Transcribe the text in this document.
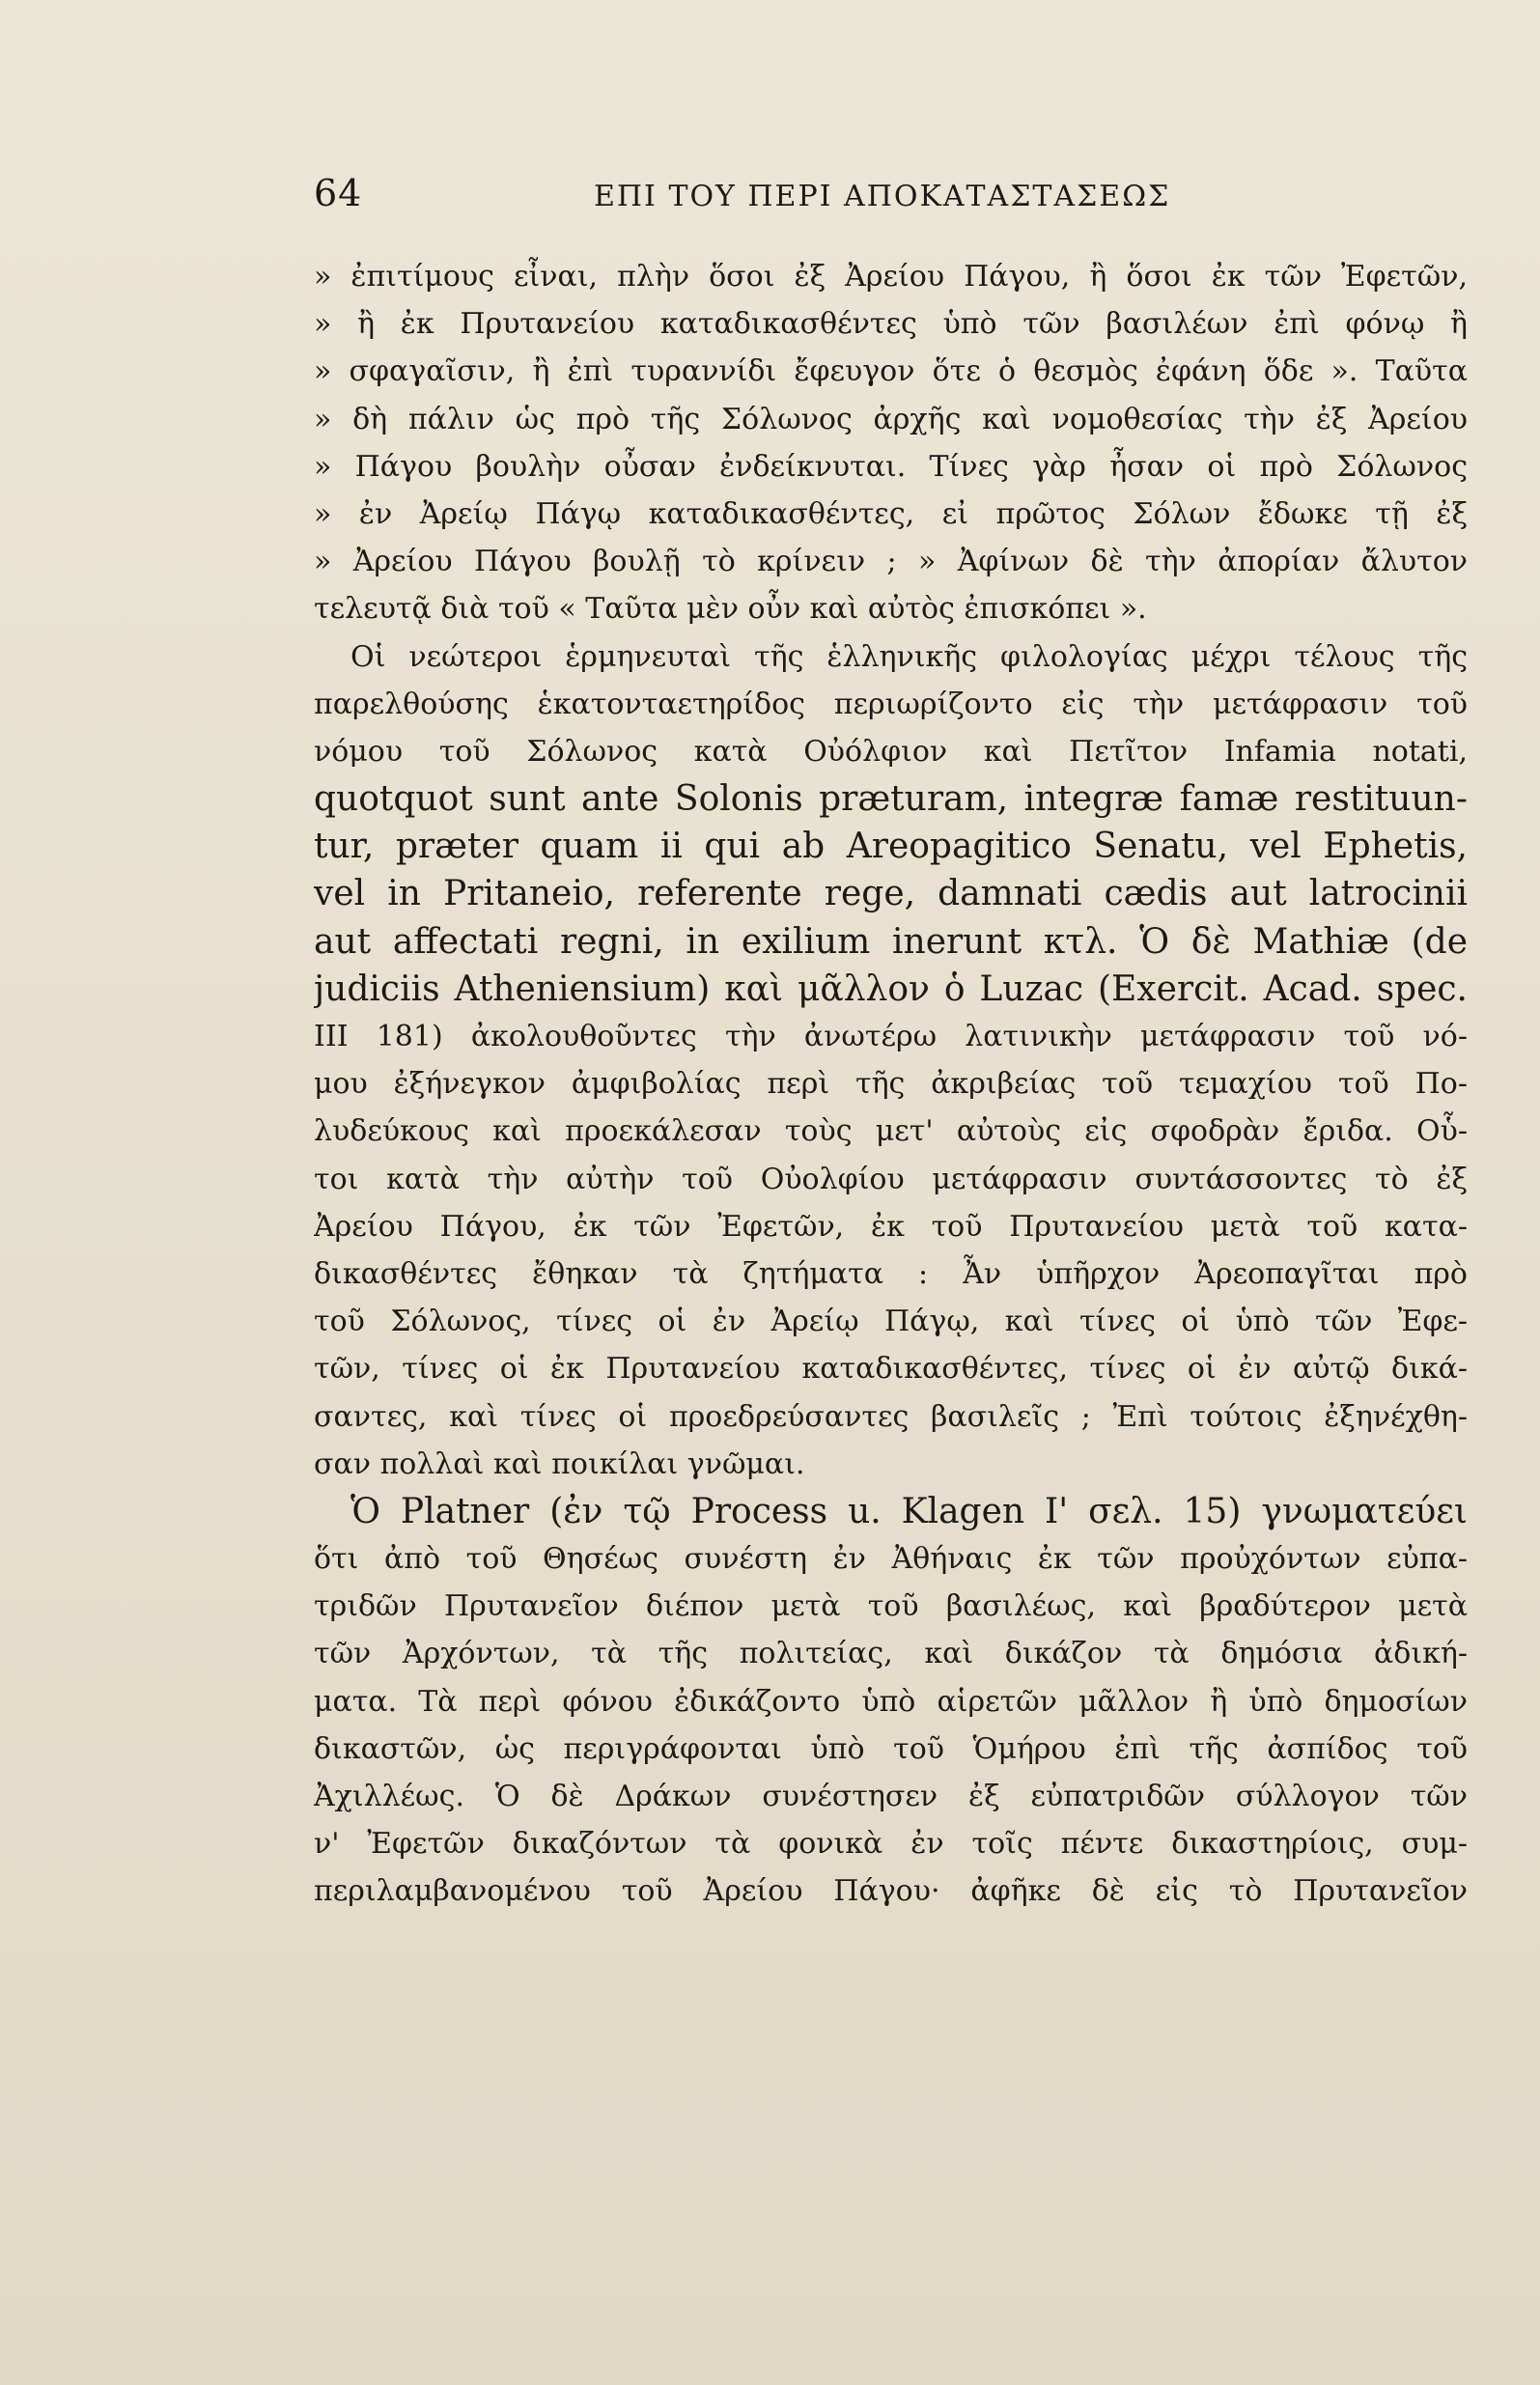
64	ΕΠΙ ΤΟΥ ΠΕΡΙ ΑΠΟΚΑΤΑΣΤΑΣΕΩΣ
» ἐπιτίμους εἶναι, πλὴν ὅσοι ἐξ Ἀρείου Πάγου, ἢ ὅσοι ἐκ τῶν Ἐφετῶν,
» ἢ ἐκ Πρυτανείου καταδικασθέντες ὑπὸ τῶν βασιλέων ἐπὶ φόνῳ ἢ
» σφαγαῖσιν, ἢ ἐπὶ τυραννίδι ἔφευγον ὅτε ὁ θεσμὸς ἐφάνη ὅδε ». Ταῦτα
» δὴ πάλιν ὡς πρὸ τῆς Σόλωνος ἀρχῆς καὶ νομοθεσίας τὴν ἐξ Ἀρείου
» Πάγου βουλὴν οὖσαν ἐνδείκνυται. Τίνες γὰρ ἦσαν οἱ πρὸ Σόλωνος
» ἐν Ἀρείῳ Πάγῳ καταδικασθέντες, εἰ πρῶτος Σόλων ἔδωκε τῇ ἐξ
» Ἀρείου Πάγου βουλῇ τὸ κρίνειν ; » Ἀφίνων δὲ τὴν ἀπορίαν ἄλυτον
τελευτᾷ διὰ τοῦ « Ταῦτα μὲν οὖν καὶ αὐτὸς ἐπισκόπει ».
Οἱ νεώτεροι ἑρμηνευταὶ τῆς ἑλληνικῆς φιλολογίας μέχρι τέλους τῆς
παρελθούσης ἑκατονταετηρίδος περιωρίζοντο εἰς τὴν μετάφρασιν τοῦ
νόμου τοῦ Σόλωνος κατὰ Οὐόλφιον καὶ Πετῖτον Infamia notati,
quotquot sunt ante Solonis præturam, integræ famæ restituun-
tur, præter quam ii qui ab Areopagitico Senatu, vel Ephetis,
vel in Pritaneio, referente rege, damnati cædis aut latrocinii
aut affectati regni, in exilium inerunt κτλ. Ὁ δὲ Mathiæ (de
judiciis Atheniensium) καὶ μᾶλλον ὁ Luzac (Exercit. Acad. spec.
III 181) ἀκολουθοῦντες τὴν ἀνωτέρω λατινικὴν μετάφρασιν τοῦ νό-
μου ἐξήνεγκον ἀμφιβολίας περὶ τῆς ἀκριβείας τοῦ τεμαχίου τοῦ Πο-
λυδεύκους καὶ προεκάλεσαν τοὺς μετ' αὐτοὺς εἰς σφοδρὰν ἔριδα. Οὗ-
τοι κατὰ τὴν αὐτὴν τοῦ Οὐολφίου μετάφρασιν συντάσσοντες τὸ ἐξ
Ἀρείου Πάγου, ἐκ τῶν Ἐφετῶν, ἐκ τοῦ Πρυτανείου μετὰ τοῦ κατα-
δικασθέντες ἔθηκαν τὰ ζητήματα : Ἆν ὑπῆρχον Ἀρεοπαγῖται πρὸ
τοῦ Σόλωνος, τίνες οἱ ἐν Ἀρείῳ Πάγῳ, καὶ τίνες οἱ ὑπὸ τῶν Ἐφε-
τῶν, τίνες οἱ ἐκ Πρυτανείου καταδικασθέντες, τίνες οἱ ἐν αὐτῷ δικά-
σαντες, καὶ τίνες οἱ προεδρεύσαντες βασιλεῖς ; Ἐπὶ τούτοις ἐξηνέχθη-
σαν πολλαὶ καὶ ποικίλαι γνῶμαι.
Ὁ Platner (ἐν τῷ Process u. Klagen I' σελ. 15) γνωματεύει
ὅτι ἀπὸ τοῦ Θησέως συνέστη ἐν Ἀθήναις ἐκ τῶν προὐχόντων εὐπα-
τριδῶν Πρυτανεῖον διέπον μετὰ τοῦ βασιλέως, καὶ βραδύτερον μετὰ
τῶν Ἀρχόντων, τὰ τῆς πολιτείας, καὶ δικάζον τὰ δημόσια ἀδική-
ματα. Τὰ περὶ φόνου ἐδικάζοντο ὑπὸ αἱρετῶν μᾶλλον ἢ ὑπὸ δημοσίων
δικαστῶν, ὡς περιγράφονται ὑπὸ τοῦ Ὁμήρου ἐπὶ τῆς ἀσπίδος τοῦ
Ἀχιλλέως. Ὁ δὲ Δράκων συνέστησεν ἐξ εὐπατριδῶν σύλλογον τῶν
ν' Ἐφετῶν δικαζόντων τὰ φονικὰ ἐν τοῖς πέντε δικαστηρίοις, συμ-
περιλαμβανομένου τοῦ Ἀρείου Πάγου· ἀφῆκε δὲ εἰς τὸ Πρυτανεῖον
